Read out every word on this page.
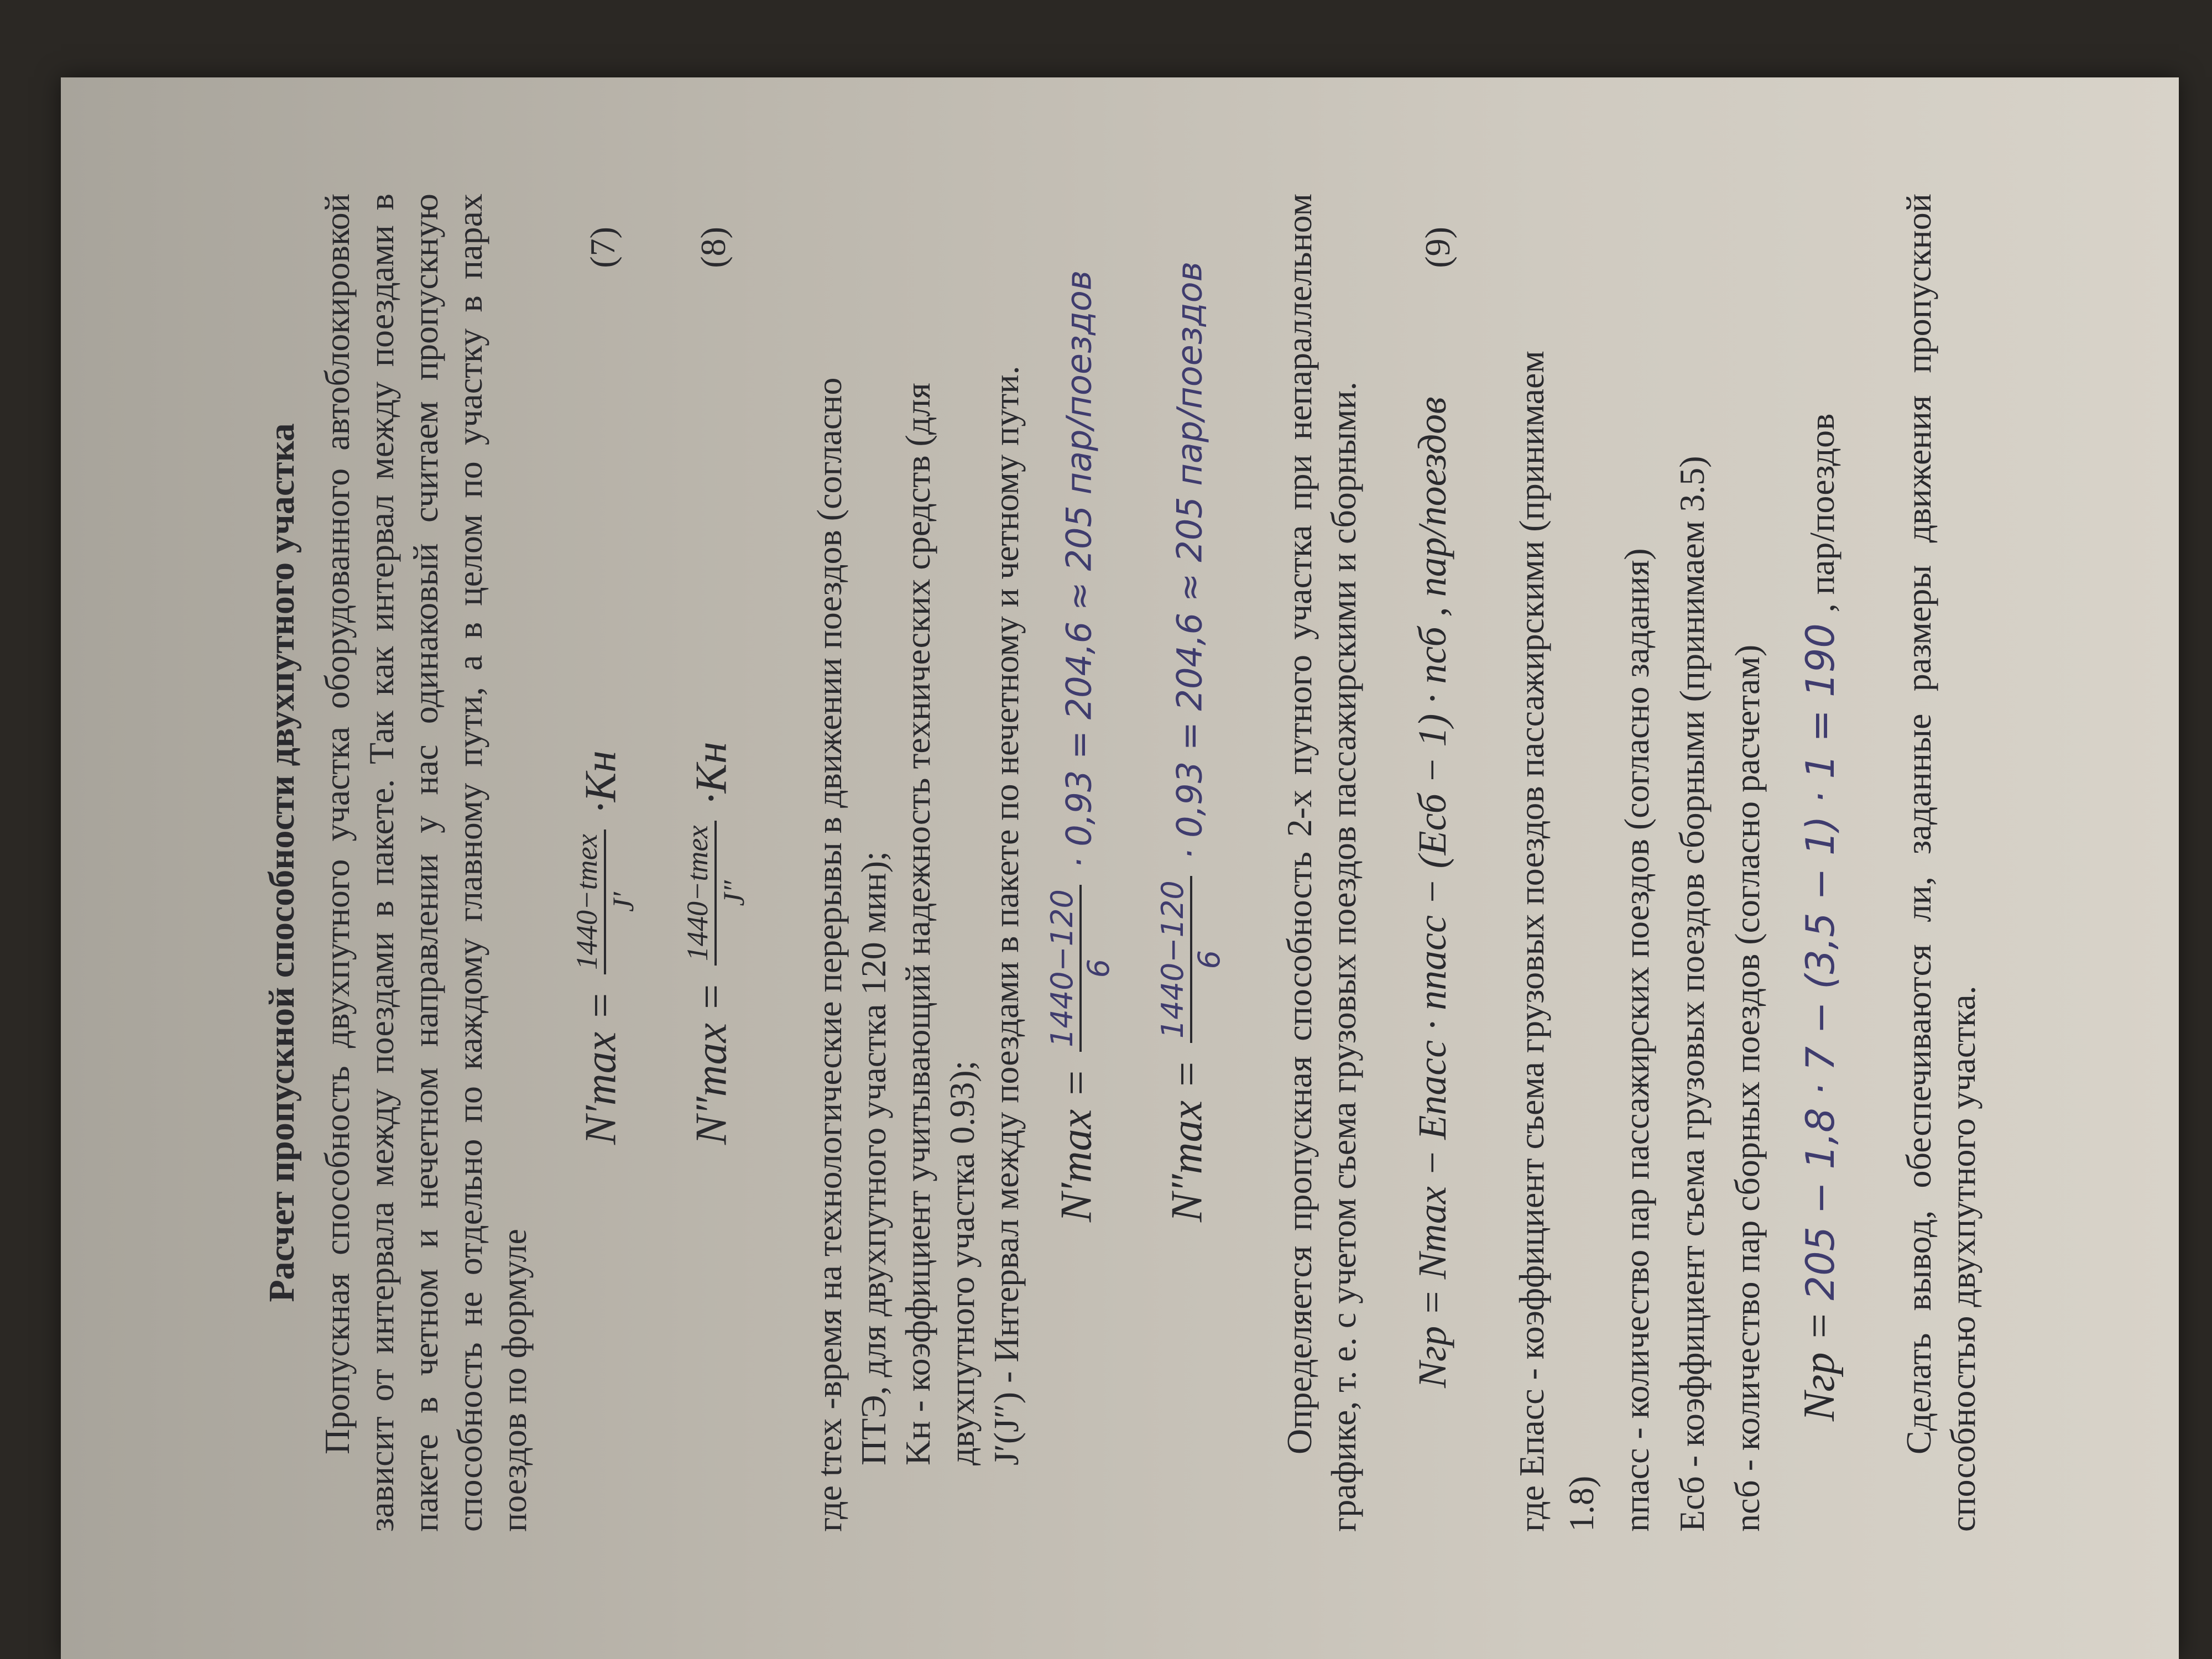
Расчет пропускной способности двухпутного участка Пропускная способность двухпутного участка оборудованного автоблокировкой зависит от интервала между поездами в пакете. Так как интервал между поездами в пакете в четном и нечетном направлении у нас одинаковый считаем пропускную способность не отдельно по каждому главному пути, а в целом по участку в парах поездов по формуле
N′max =
1440−tтех J′
·Kн
(7)
N″max =
1440−tтех J″
·Kн
(8)
где tтех -время на технологические перерывы в движении поездов (согласно ПТЭ, для двухпутного участка 120 мин); Kн - коэффициент учитывающий надежность технических средств (для двухпутного участка 0.93); J′(J″) - Интервал между поездами в пакете по нечетному и четному пути. N′max =
1440−120 6
· 0,93 = 204,6 ≈ 205 пар/поездов
N″max =
1440−120 6
· 0,93 = 204,6 ≈ 205 пар/поездов	Определяется пропускная способность 2-х путного участка при непараллельном графике, т. е. с учетом съема грузовых поездов пассажирскими и сборными. Nгр = Nmax − Eпасс · nпасс − (Eсб − 1) · nсб , пар/поездов
(9)
где Eпасс - коэффициент съема грузовых поездов пассажирскими (принимаем 1.8) nпасс - количество пар пассажирских поездов (согласно задания) Eсб - коэффициент съема грузовых поездов сборными (принимаем 3.5) nсб - количество пар сборных поездов (согласно расчетам) Nгр = 205 − 1,8 · 7 − (3,5 − 1) · 1 = 190 , пар/поездов Сделать вывод, обеспечиваются ли, заданные размеры движения пропускной способностью двухпутного участка.
